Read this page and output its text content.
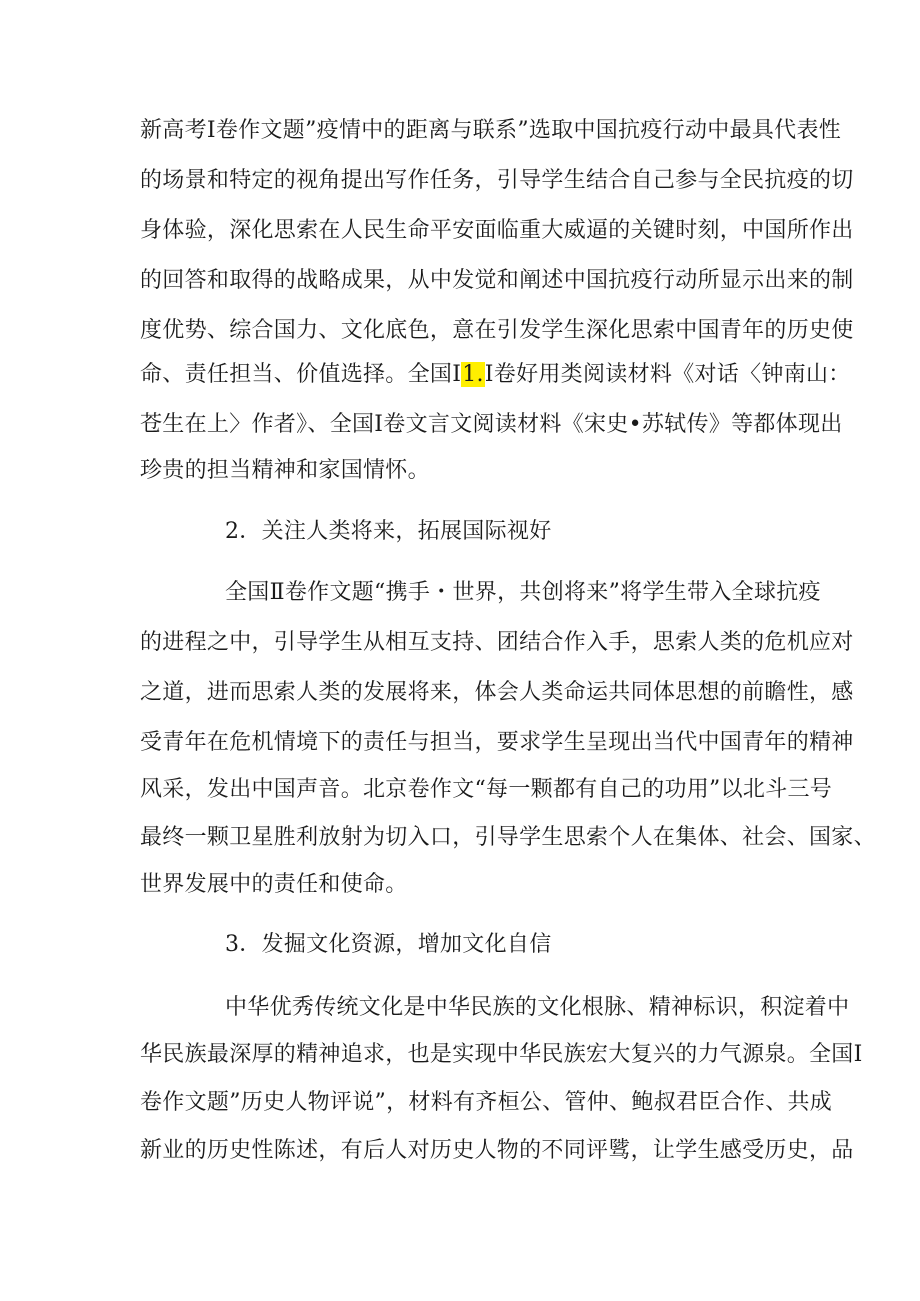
新高考Ⅰ卷作文题”疫情中的距离与联系”选取中国抗疫行动中最具代表性
的场景和特定的视角提出写作任务，引导学生结合自己参与全民抗疫的切
身体验，深化思索在人民生命平安面临重大威逼的关键时刻，中国所作出
的回答和取得的战略成果，从中发觉和阐述中国抗疫行动所显示出来的制
度优势、综合国力、文化底色，意在引发学生深化思索中国青年的历史使
命、责任担当、价值选择。全国Ⅰ1.Ⅰ卷好用类阅读材料《对话〈钟南山：
苍生在上〉作者》、全国Ⅰ卷文言文阅读材料《宋史•苏轼传》等都体现出
珍贵的担当精神和家国情怀。
2．关注人类将来，拓展国际视好
全国Ⅱ卷作文题“携手・世界，共创将来”将学生带入全球抗疫
的进程之中，引导学生从相互支持、团结合作入手，思索人类的危机应对
之道，进而思索人类的发展将来，体会人类命运共同体思想的前瞻性，感
受青年在危机情境下的责任与担当，要求学生呈现出当代中国青年的精神
风采，发出中国声音。北京卷作文“每一颗都有自己的功用”以北斗三号
最终一颗卫星胜利放射为切入口，引导学生思索个人在集体、社会、国家、
世界发展中的责任和使命。
3．发掘文化资源，增加文化自信
中华优秀传统文化是中华民族的文化根脉、精神标识，积淀着中
华民族最深厚的精神追求，也是实现中华民族宏大复兴的力气源泉。全国Ⅰ
卷作文题”历史人物评说”，材料有齐桓公、管仲、鲍叔君臣合作、共成
新业的历史性陈述，有后人对历史人物的不同评骘，让学生感受历史，品
